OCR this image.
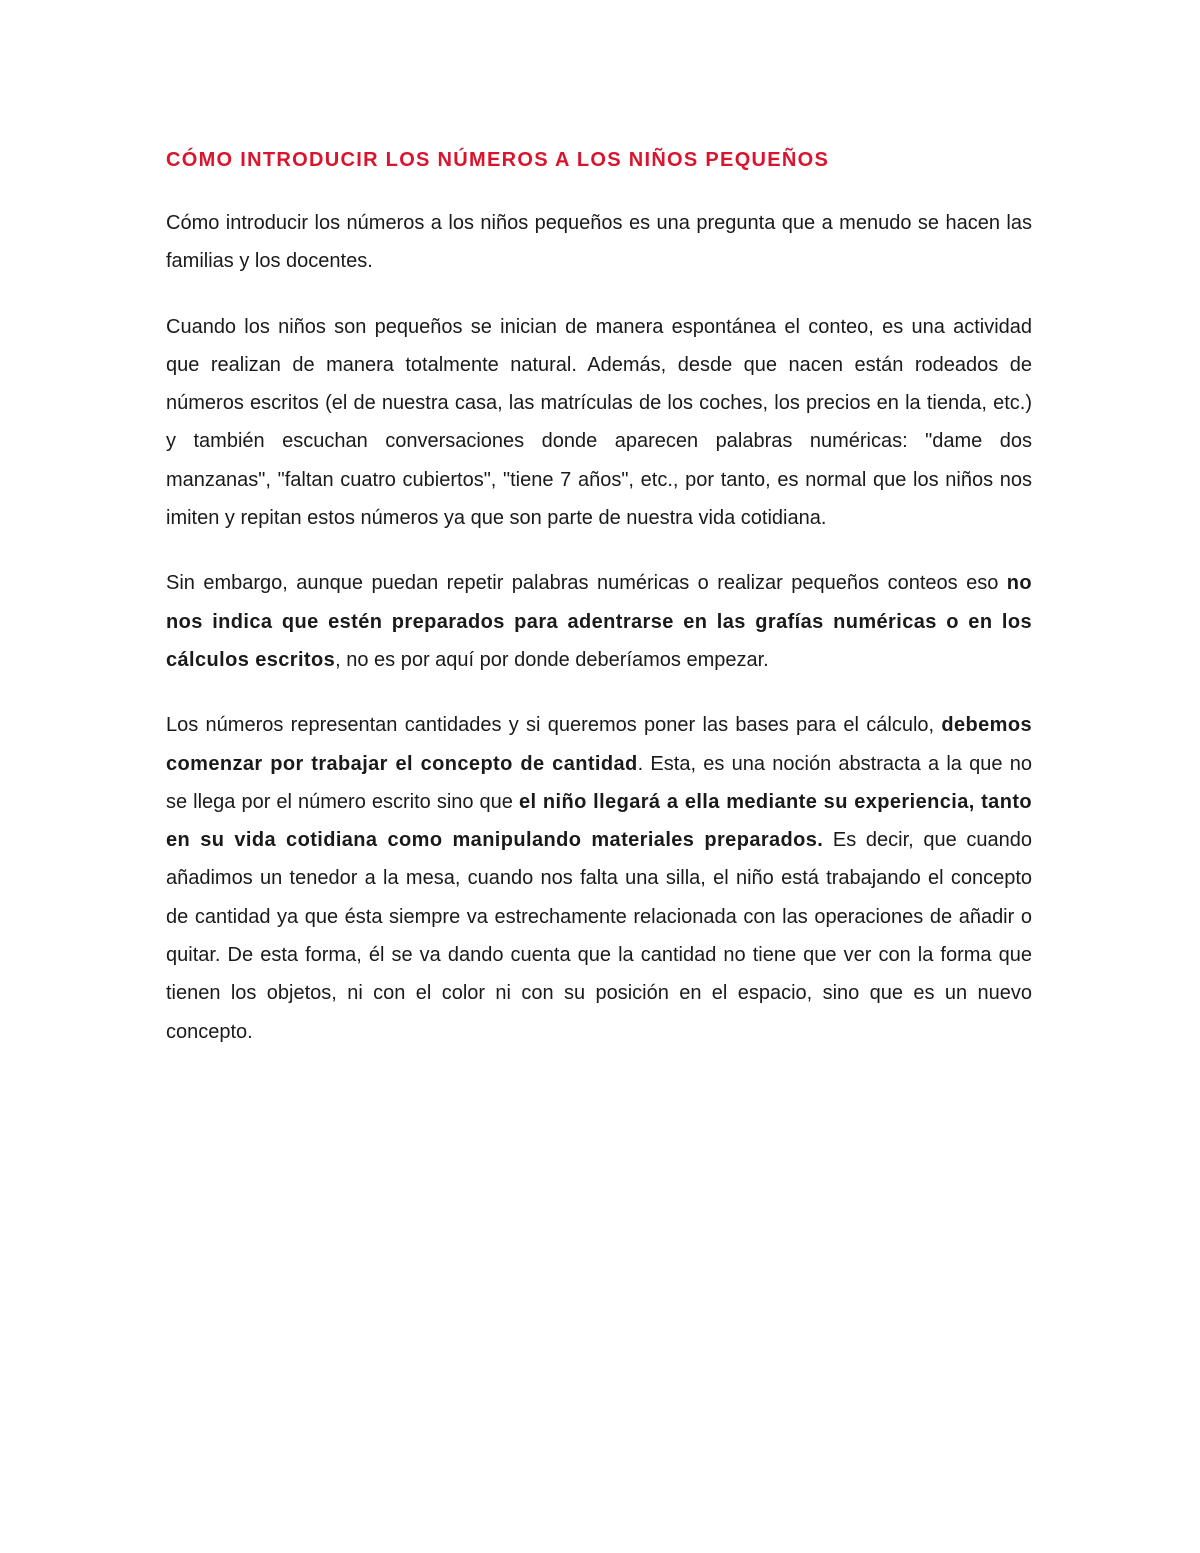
CÓMO INTRODUCIR LOS NÚMEROS A LOS NIÑOS PEQUEÑOS

Cómo introducir los números a los niños pequeños es una pregunta que a menudo se hacen las familias y los docentes.

Cuando los niños son pequeños se inician de manera espontánea el conteo, es una actividad que realizan de manera totalmente natural. Además, desde que nacen están rodeados de números escritos (el de nuestra casa, las matrículas de los coches, los precios en la tienda, etc.) y también escuchan conversaciones donde aparecen palabras numéricas: "dame dos manzanas", "faltan cuatro cubiertos", "tiene 7 años", etc., por tanto, es normal que los niños nos imiten y repitan estos números ya que son parte de nuestra vida cotidiana.

Sin embargo, aunque puedan repetir palabras numéricas o realizar pequeños conteos eso no nos indica que estén preparados para adentrarse en las grafías numéricas o en los cálculos escritos, no es por aquí por donde deberíamos empezar.

Los números representan cantidades y si queremos poner las bases para el cálculo, debemos comenzar por trabajar el concepto de cantidad. Esta, es una noción abstracta a la que no se llega por el número escrito sino que el niño llegará a ella mediante su experiencia, tanto en su vida cotidiana como manipulando materiales preparados. Es decir, que cuando añadimos un tenedor a la mesa, cuando nos falta una silla, el niño está trabajando el concepto de cantidad ya que ésta siempre va estrechamente relacionada con las operaciones de añadir o quitar. De esta forma, él se va dando cuenta que la cantidad no tiene que ver con la forma que tienen los objetos, ni con el color ni con su posición en el espacio, sino que es un nuevo concepto.
